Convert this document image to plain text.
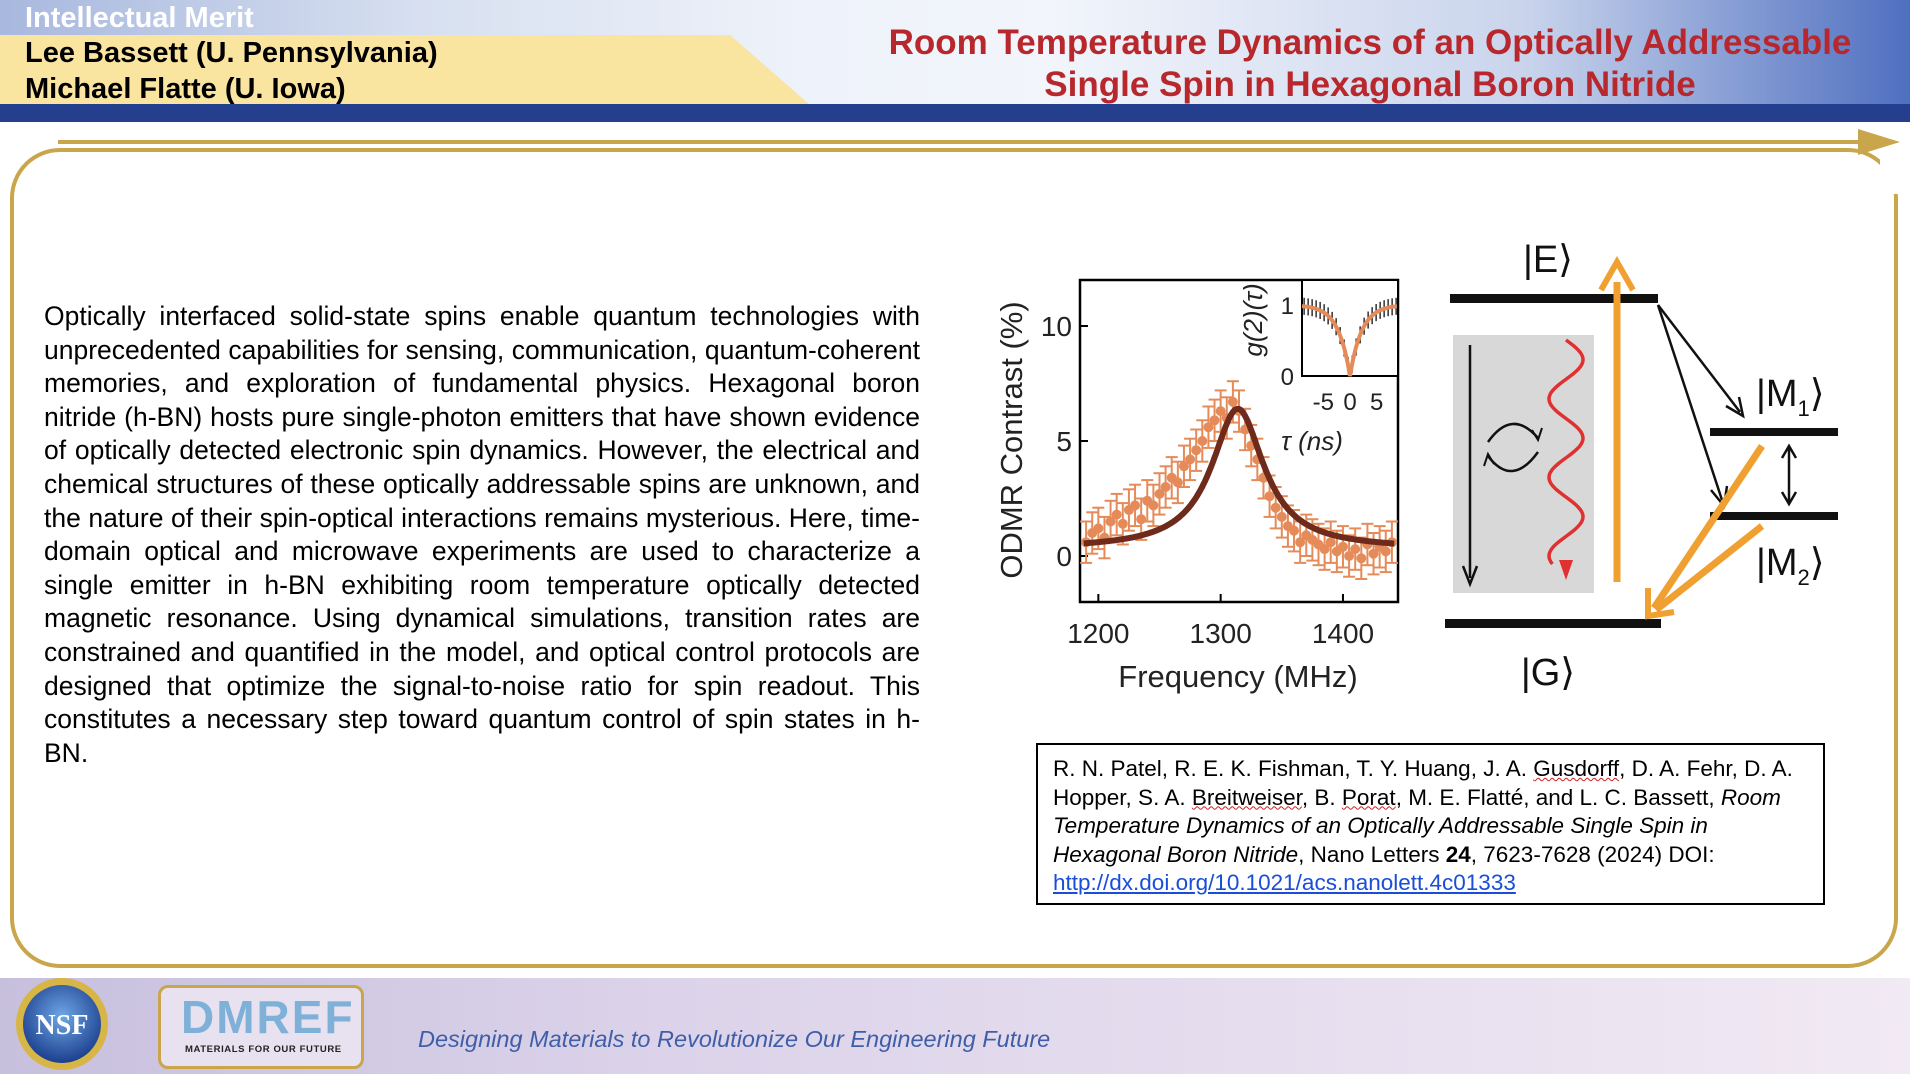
Intellectual Merit
Lee Bassett (U. Pennsylvania)
Michael Flatte (U. Iowa)
Room Temperature Dynamics of an Optically Addressable
Single Spin in Hexagonal Boron Nitride
Optically interfaced solid-state spins enable quantum technologies with unprecedented capabilities for sensing, communication, quantum-coherent memories, and exploration of fundamental physics. Hexagonal boron nitride (h-BN) hosts pure single-photon emitters that have shown evidence of optically detected electronic spin dynamics. However, the electrical and chemical structures of these optically addressable spins are unknown, and the nature of their spin-optical interactions remains mysterious. Here, time-domain optical and microwave experiments are used to characterize a single emitter in h-BN exhibiting room temperature optically detected magnetic resonance. Using dynamical simulations, transition rates are constrained and quantified in the model, and optical control protocols are designed that optimize the signal-to-noise ratio for spin readout. This constitutes a necessary step toward quantum control of spin states in h-BN.
1200 1300 1400
0
5
10
Frequency (MHz)
ODMR Contrast (%)	-5 0 5
0
1
τ (ns)
g(2)(τ)
|E⟩
|G⟩
$|M_1⟩$
$|M_2⟩$
R. N. Patel, R. E. K. Fishman, T. Y. Huang, J. A. Gusdorff, D. A. Fehr, D. A. Hopper, S. A. Breitweiser, B. Porat, M. E. Flatté, and L. C. Bassett, Room Temperature Dynamics of an Optically Addressable Single Spin in Hexagonal Boron Nitride, Nano Letters 24, 7623-7628 (2024) DOI: http://dx.doi.org/10.1021/acs.nanolett.4c01333
NSF DMREF
MATERIALS FOR OUR FUTURE	Designing Materials to Revolutionize Our Engineering Future
